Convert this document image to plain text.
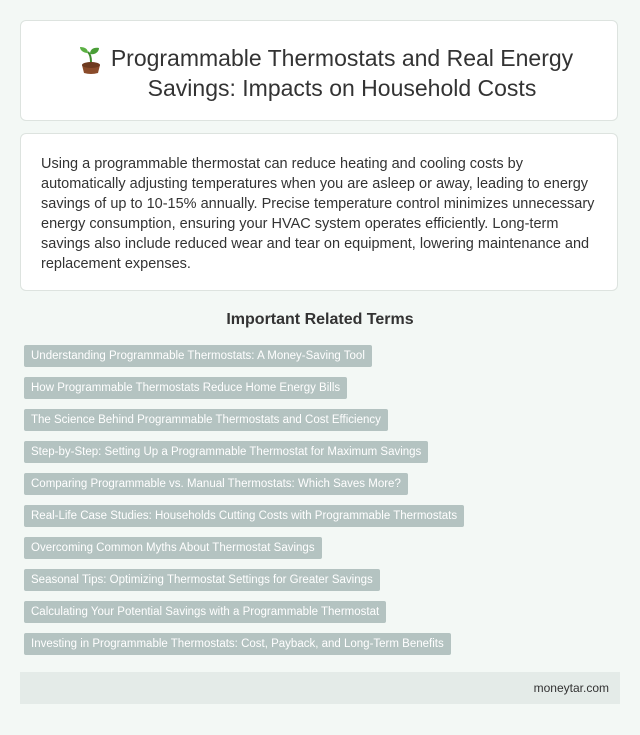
Programmable Thermostats and Real Energy Savings: Impacts on Household Costs

Using a programmable thermostat can reduce heating and cooling costs by automatically adjusting temperatures when you are asleep or away, leading to energy savings of up to 10-15% annually. Precise temperature control minimizes unnecessary energy consumption, ensuring your HVAC system operates efficiently. Long-term savings also include reduced wear and tear on equipment, lowering maintenance and replacement expenses.

Important Related Terms
Understanding Programmable Thermostats: A Money-Saving Tool
How Programmable Thermostats Reduce Home Energy Bills
The Science Behind Programmable Thermostats and Cost Efficiency
Step-by-Step: Setting Up a Programmable Thermostat for Maximum Savings
Comparing Programmable vs. Manual Thermostats: Which Saves More?
Real-Life Case Studies: Households Cutting Costs with Programmable Thermostats
Overcoming Common Myths About Thermostat Savings
Seasonal Tips: Optimizing Thermostat Settings for Greater Savings
Calculating Your Potential Savings with a Programmable Thermostat
Investing in Programmable Thermostats: Cost, Payback, and Long-Term Benefits
moneytar.com
